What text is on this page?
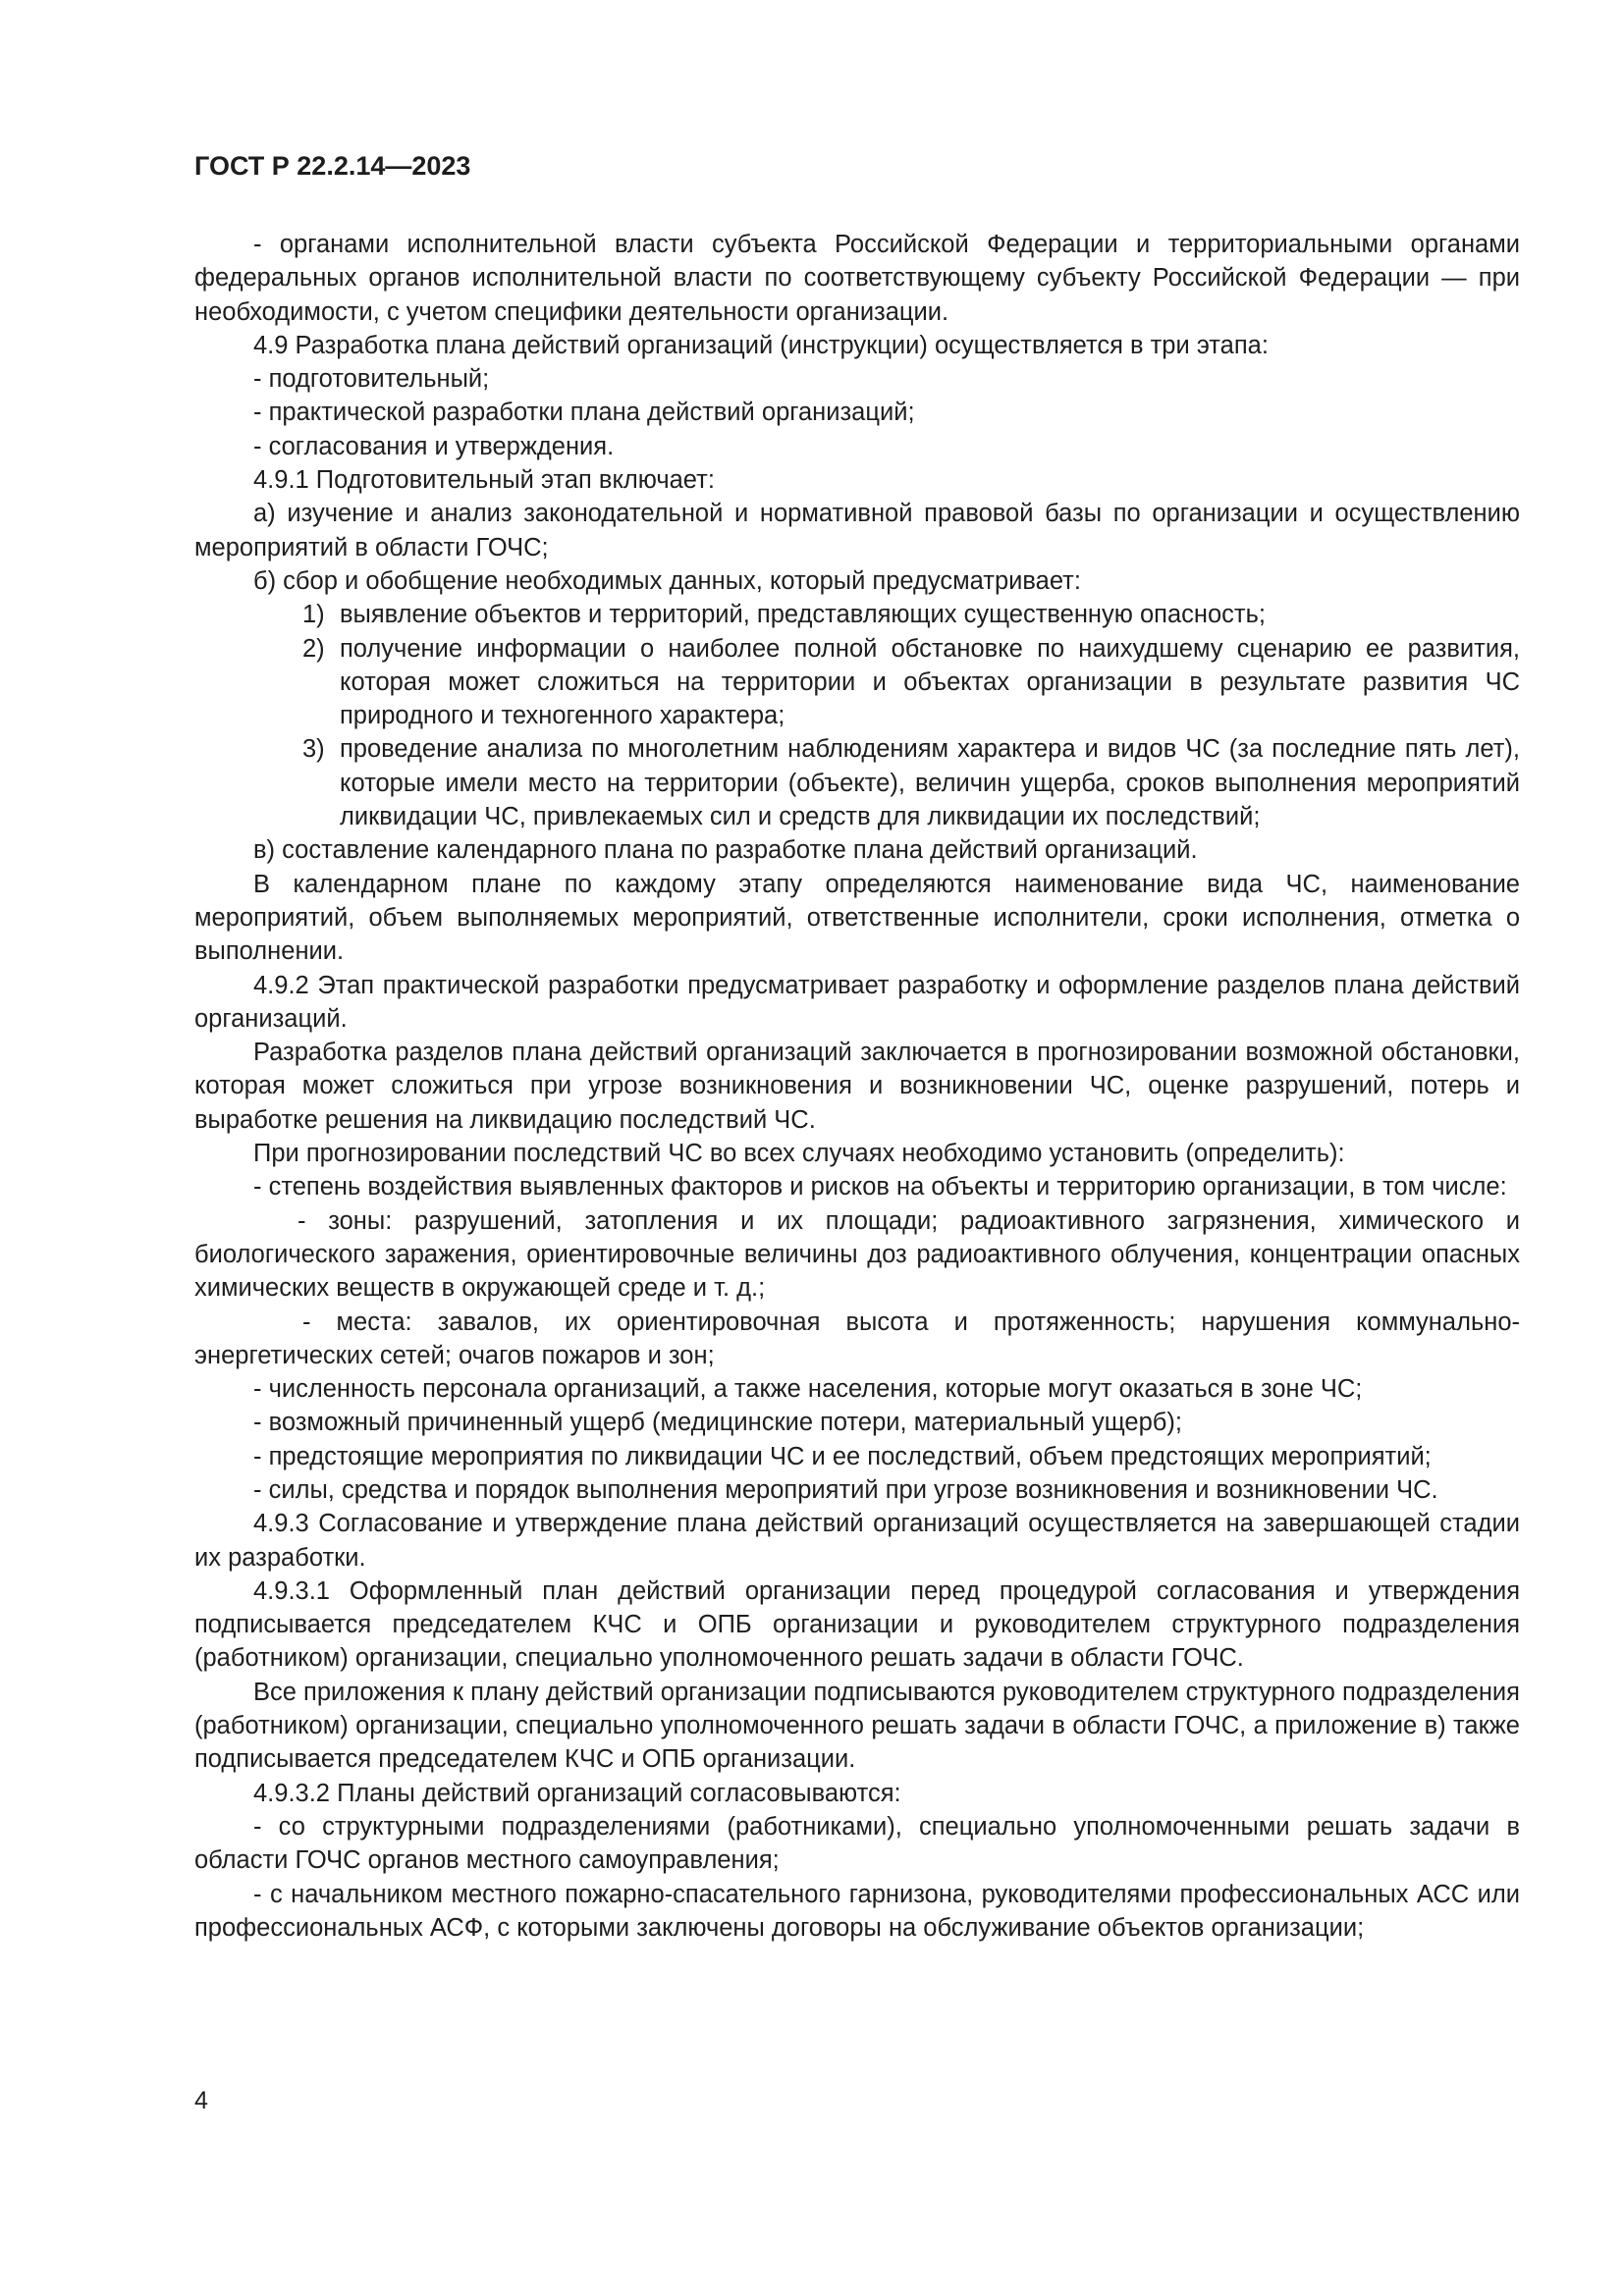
ГОСТ Р 22.2.14—2023

- органами исполнительной власти субъекта Российской Федерации и территориальными органами федеральных органов исполнительной власти по соответствующему субъекту Российской Федерации — при необходимости, с учетом специфики деятельности организации.

4.9 Разработка плана действий организаций (инструкции) осуществляется в три этапа:

- подготовительный;

- практической разработки плана действий организаций;

- согласования и утверждения.

4.9.1 Подготовительный этап включает:

а) изучение и анализ законодательной и нормативной правовой базы по организации и осуществлению мероприятий в области ГОЧС;

б) сбор и обобщение необходимых данных, который предусматривает:

1) выявление объектов и территорий, представляющих существенную опасность;
2) получение информации о наиболее полной обстановке по наихудшему сценарию ее развития, которая может сложиться на территории и объектах организации в результате развития ЧС природного и техногенного характера;
3) проведение анализа по многолетним наблюдениям характера и видов ЧС (за последние пять лет), которые имели место на территории (объекте), величин ущерба, сроков выполнения мероприятий ликвидации ЧС, привлекаемых сил и средств для ликвидации их последствий;

в) составление календарного плана по разработке плана действий организаций.

В календарном плане по каждому этапу определяются наименование вида ЧС, наименование мероприятий, объем выполняемых мероприятий, ответственные исполнители, сроки исполнения, отметка о выполнении.

4.9.2 Этап практической разработки предусматривает разработку и оформление разделов плана действий организаций.

Разработка разделов плана действий организаций заключается в прогнозировании возможной обстановки, которая может сложиться при угрозе возникновения и возникновении ЧС, оценке разрушений, потерь и выработке решения на ликвидацию последствий ЧС.

При прогнозировании последствий ЧС во всех случаях необходимо установить (определить):

- степень воздействия выявленных факторов и рисков на объекты и территорию организации, в том числе:

- зоны: разрушений, затопления и их площади; радиоактивного загрязнения, химического и биологического заражения, ориентировочные величины доз радиоактивного облучения, концентрации опасных химических веществ в окружающей среде и т. д.;

- места: завалов, их ориентировочная высота и протяженность; нарушения коммунально-энергетических сетей; очагов пожаров и зон;

- численность персонала организаций, а также населения, которые могут оказаться в зоне ЧС;

- возможный причиненный ущерб (медицинские потери, материальный ущерб);

- предстоящие мероприятия по ликвидации ЧС и ее последствий, объем предстоящих мероприятий;

- силы, средства и порядок выполнения мероприятий при угрозе возникновения и возникновении ЧС.

4.9.3 Согласование и утверждение плана действий организаций осуществляется на завершающей стадии их разработки.

4.9.3.1 Оформленный план действий организации перед процедурой согласования и утверждения подписывается председателем КЧС и ОПБ организации и руководителем структурного подразделения (работником) организации, специально уполномоченного решать задачи в области ГОЧС.

Все приложения к плану действий организации подписываются руководителем структурного подразделения (работником) организации, специально уполномоченного решать задачи в области ГОЧС, а приложение в) также подписывается председателем КЧС и ОПБ организации.

4.9.3.2 Планы действий организаций согласовываются:

- со структурными подразделениями (работниками), специально уполномоченными решать задачи в области ГОЧС органов местного самоуправления;

- с начальником местного пожарно-спасательного гарнизона, руководителями профессиональных АСС или профессиональных АСФ, с которыми заключены договоры на обслуживание объектов организации;

4
